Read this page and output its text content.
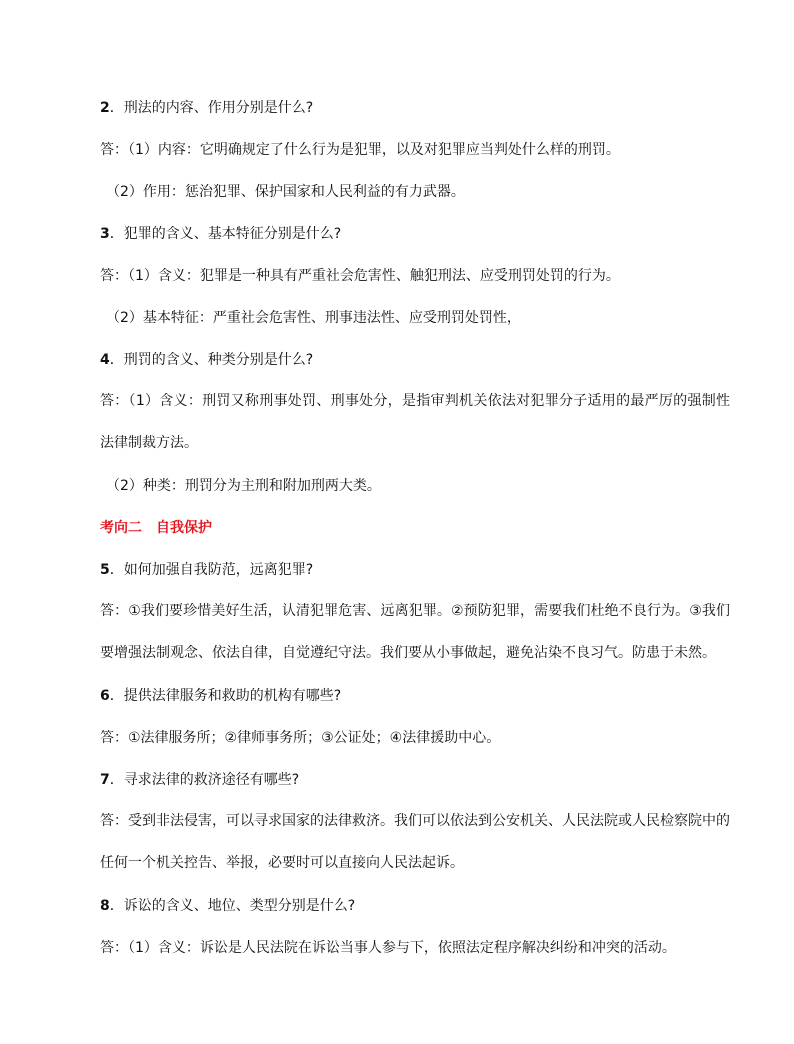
2．刑法的内容、作用分别是什么?
答：（1）内容：它明确规定了什么行为是犯罪，以及对犯罪应当判处什么样的刑罚。
（2）作用：惩治犯罪、保护国家和人民利益的有力武器。
3．犯罪的含义、基本特征分别是什么?
答：（1）含义：犯罪是一种具有严重社会危害性、触犯刑法、应受刑罚处罚的行为。
（2）基本特征：严重社会危害性、刑事违法性、应受刑罚处罚性，
4．刑罚的含义、种类分别是什么?
答：（1）含义：刑罚又称刑事处罚、刑事处分，是指审判机关依法对犯罪分子适用的最严厉的强制性法律制裁方法。
（2）种类：刑罚分为主刑和附加刑两大类。
考向二　自我保护
5．如何加强自我防范，远离犯罪?
答：①我们要珍惜美好生活，认清犯罪危害、远离犯罪。②预防犯罪，需要我们杜绝不良行为。③我们要增强法制观念、依法自律，自觉遵纪守法。我们要从小事做起，避免沾染不良习气。防患于未然。
6．提供法律服务和救助的机构有哪些?
答：①法律服务所；②律师事务所；③公证处；④法律援助中心。
7．寻求法律的救济途径有哪些?
答：受到非法侵害，可以寻求国家的法律救济。我们可以依法到公安机关、人民法院或人民检察院中的任何一个机关控告、举报，必要时可以直接向人民法起诉。
8．诉讼的含义、地位、类型分别是什么?
答：（1）含义：诉讼是人民法院在诉讼当事人参与下，依照法定程序解决纠纷和冲突的活动。
